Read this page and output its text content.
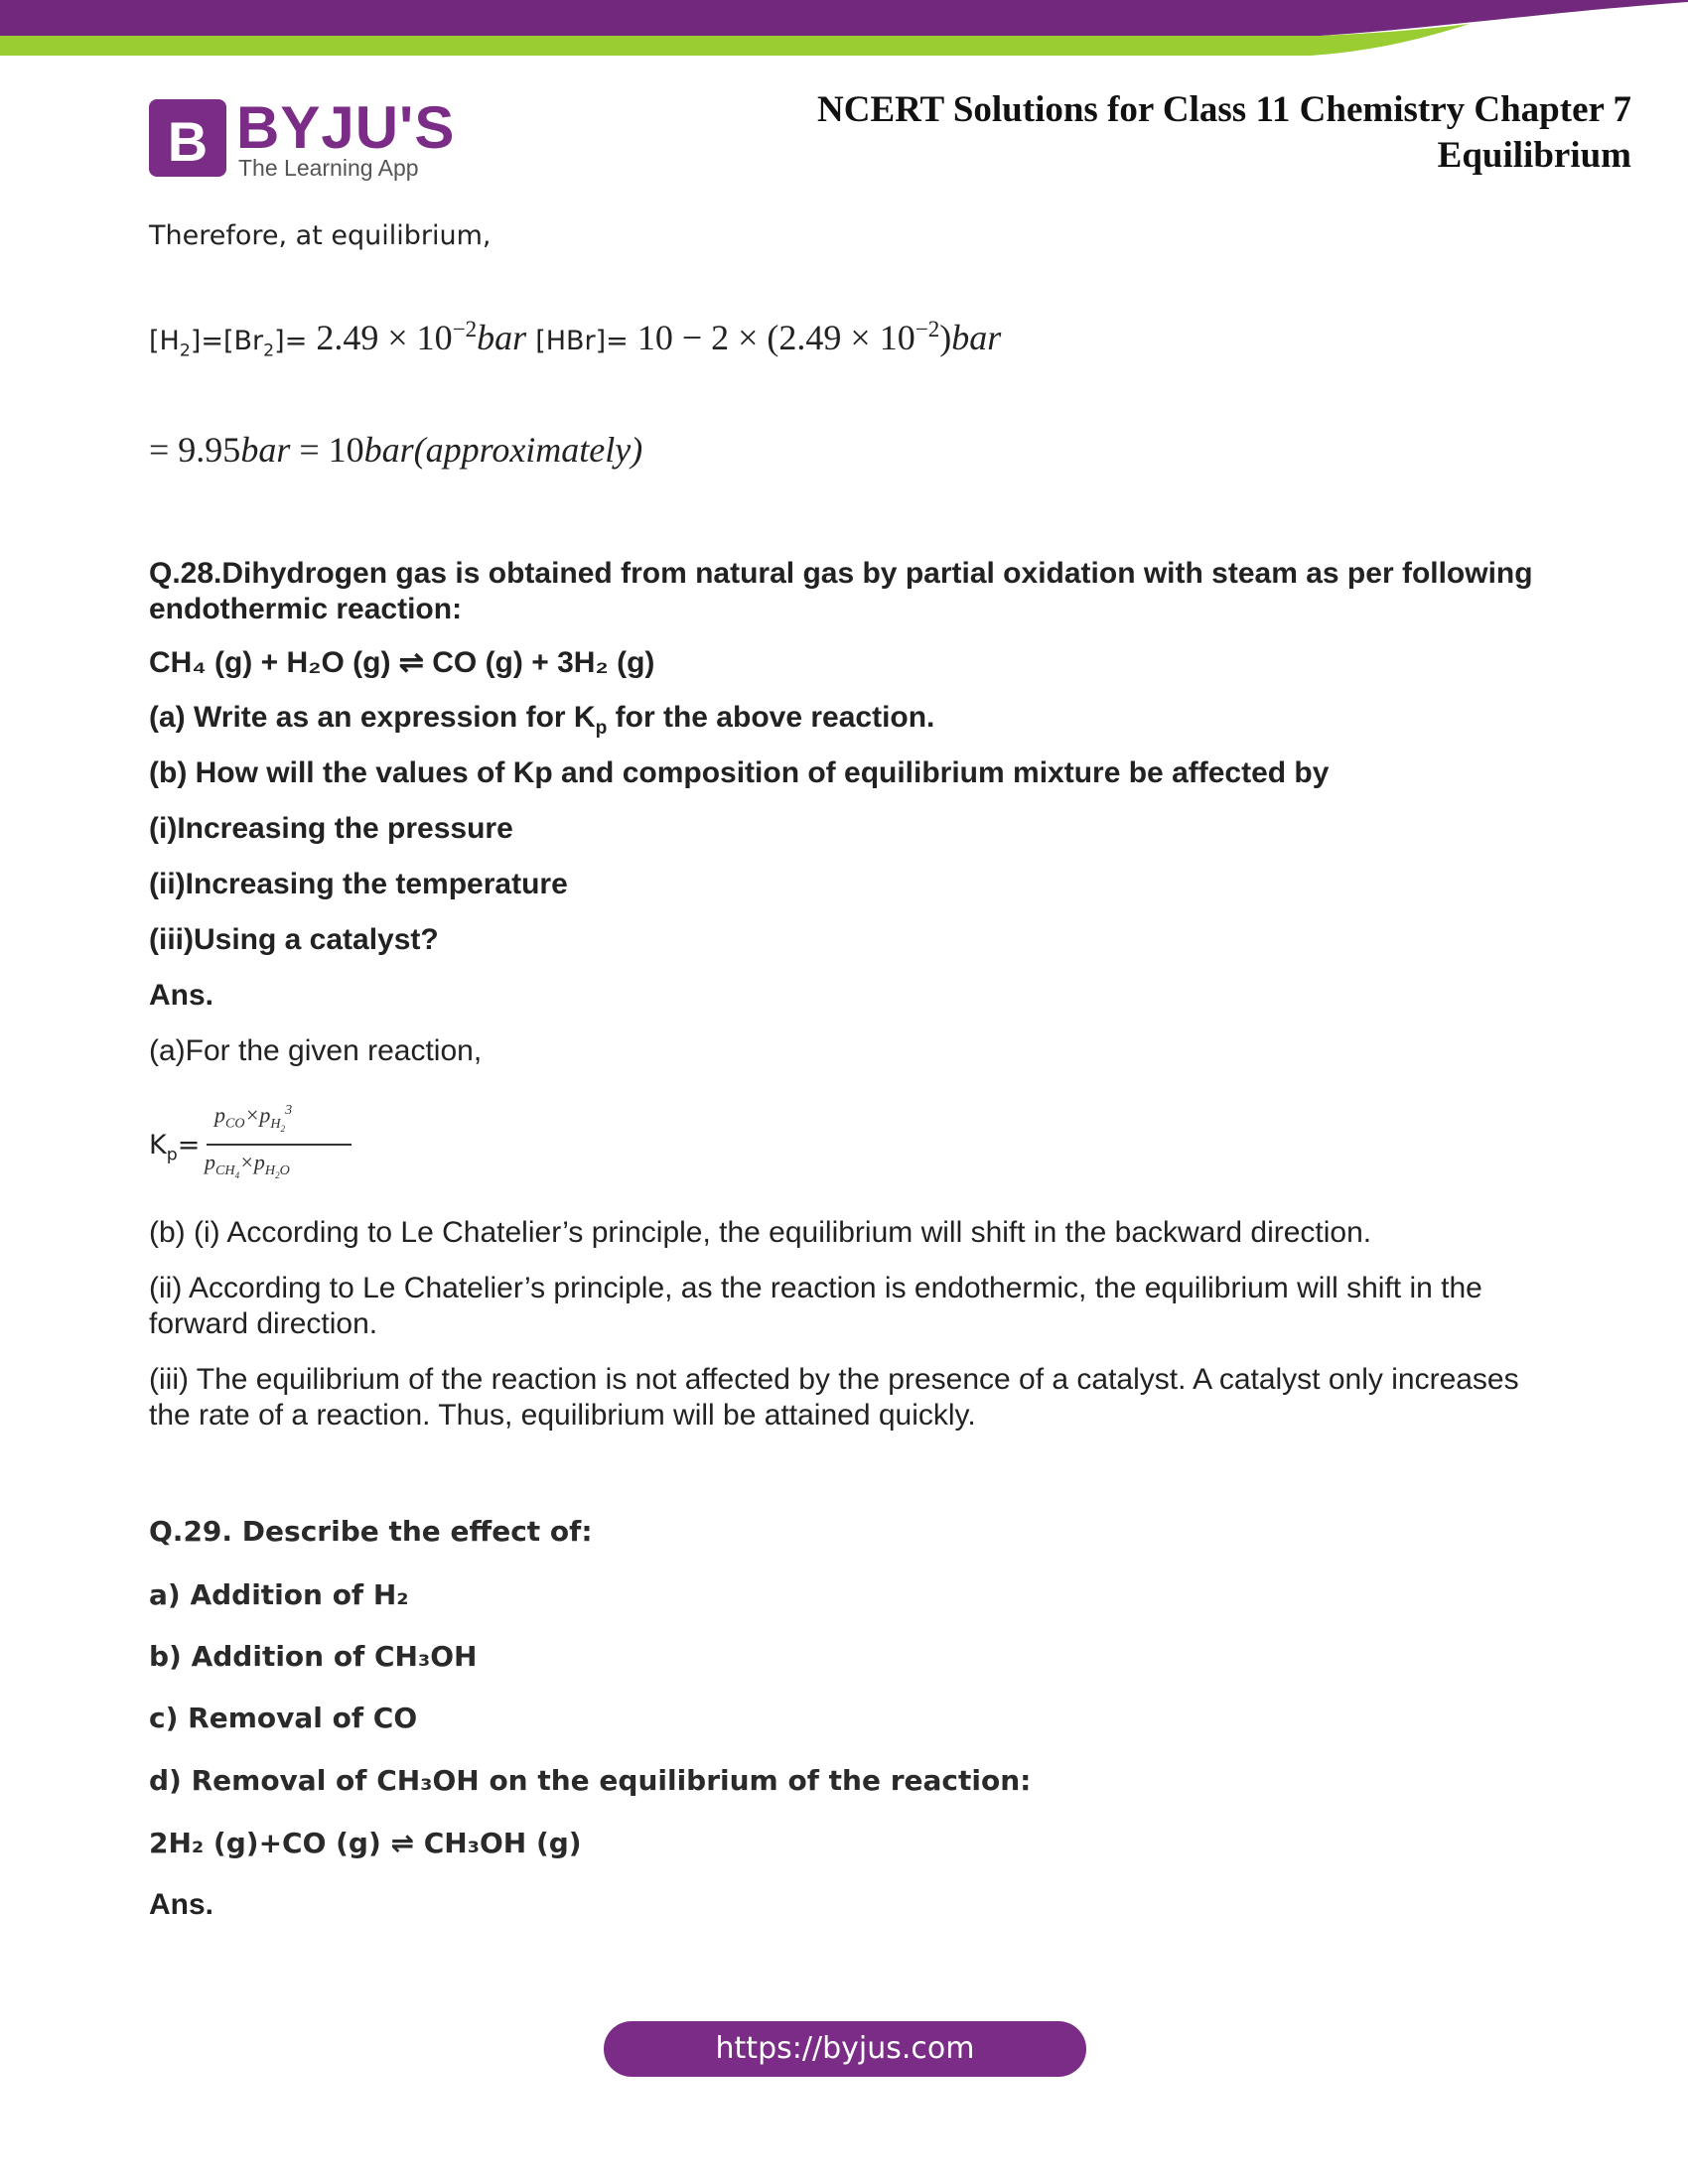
B BYJU'S
The Learning App
NCERT Solutions for Class 11 Chemistry Chapter 7
Equilibrium

Therefore, at equilibrium,

$[H_2]=[Br_2]= 2.49 \times 10^{-2}bar$ $[HBr]= 10 - 2 \times (2.49 \times 10^{-2})bar$

= 9.95bar = 10bar(approximately)

Q.28.Dihydrogen gas is obtained from natural gas by partial oxidation with steam as per following endothermic reaction:

CH₄ (g) + H₂O (g) ⇌ CO (g) + 3H₂ (g)

(a) Write as an expression for $K_p$ for the above reaction.

(b) How will the values of Kp and composition of equilibrium mixture be affected by

(i)Increasing the pressure

(ii)Increasing the temperature

(iii)Using a catalyst?

Ans.

(a)For the given reaction,

$K_p=$
$p_{CO}\times p_{H_2}^3$
$p_{CH_4}\times p_{H_2O}$

(b) (i) According to Le Chatelier’s principle, the equilibrium will shift in the backward direction.

(ii) According to Le Chatelier’s principle, as the reaction is endothermic, the equilibrium will shift in the forward direction.

(iii) The equilibrium of the reaction is not affected by the presence of a catalyst. A catalyst only increases the rate of a reaction. Thus, equilibrium will be attained quickly.

Q.29. Describe the effect of:

a) Addition of H₂

b) Addition of CH₃OH

c) Removal of CO

d) Removal of CH₃OH on the equilibrium of the reaction:

2H₂ (g)+CO (g) ⇌ CH₃OH (g)

Ans.

https://byjus.com
